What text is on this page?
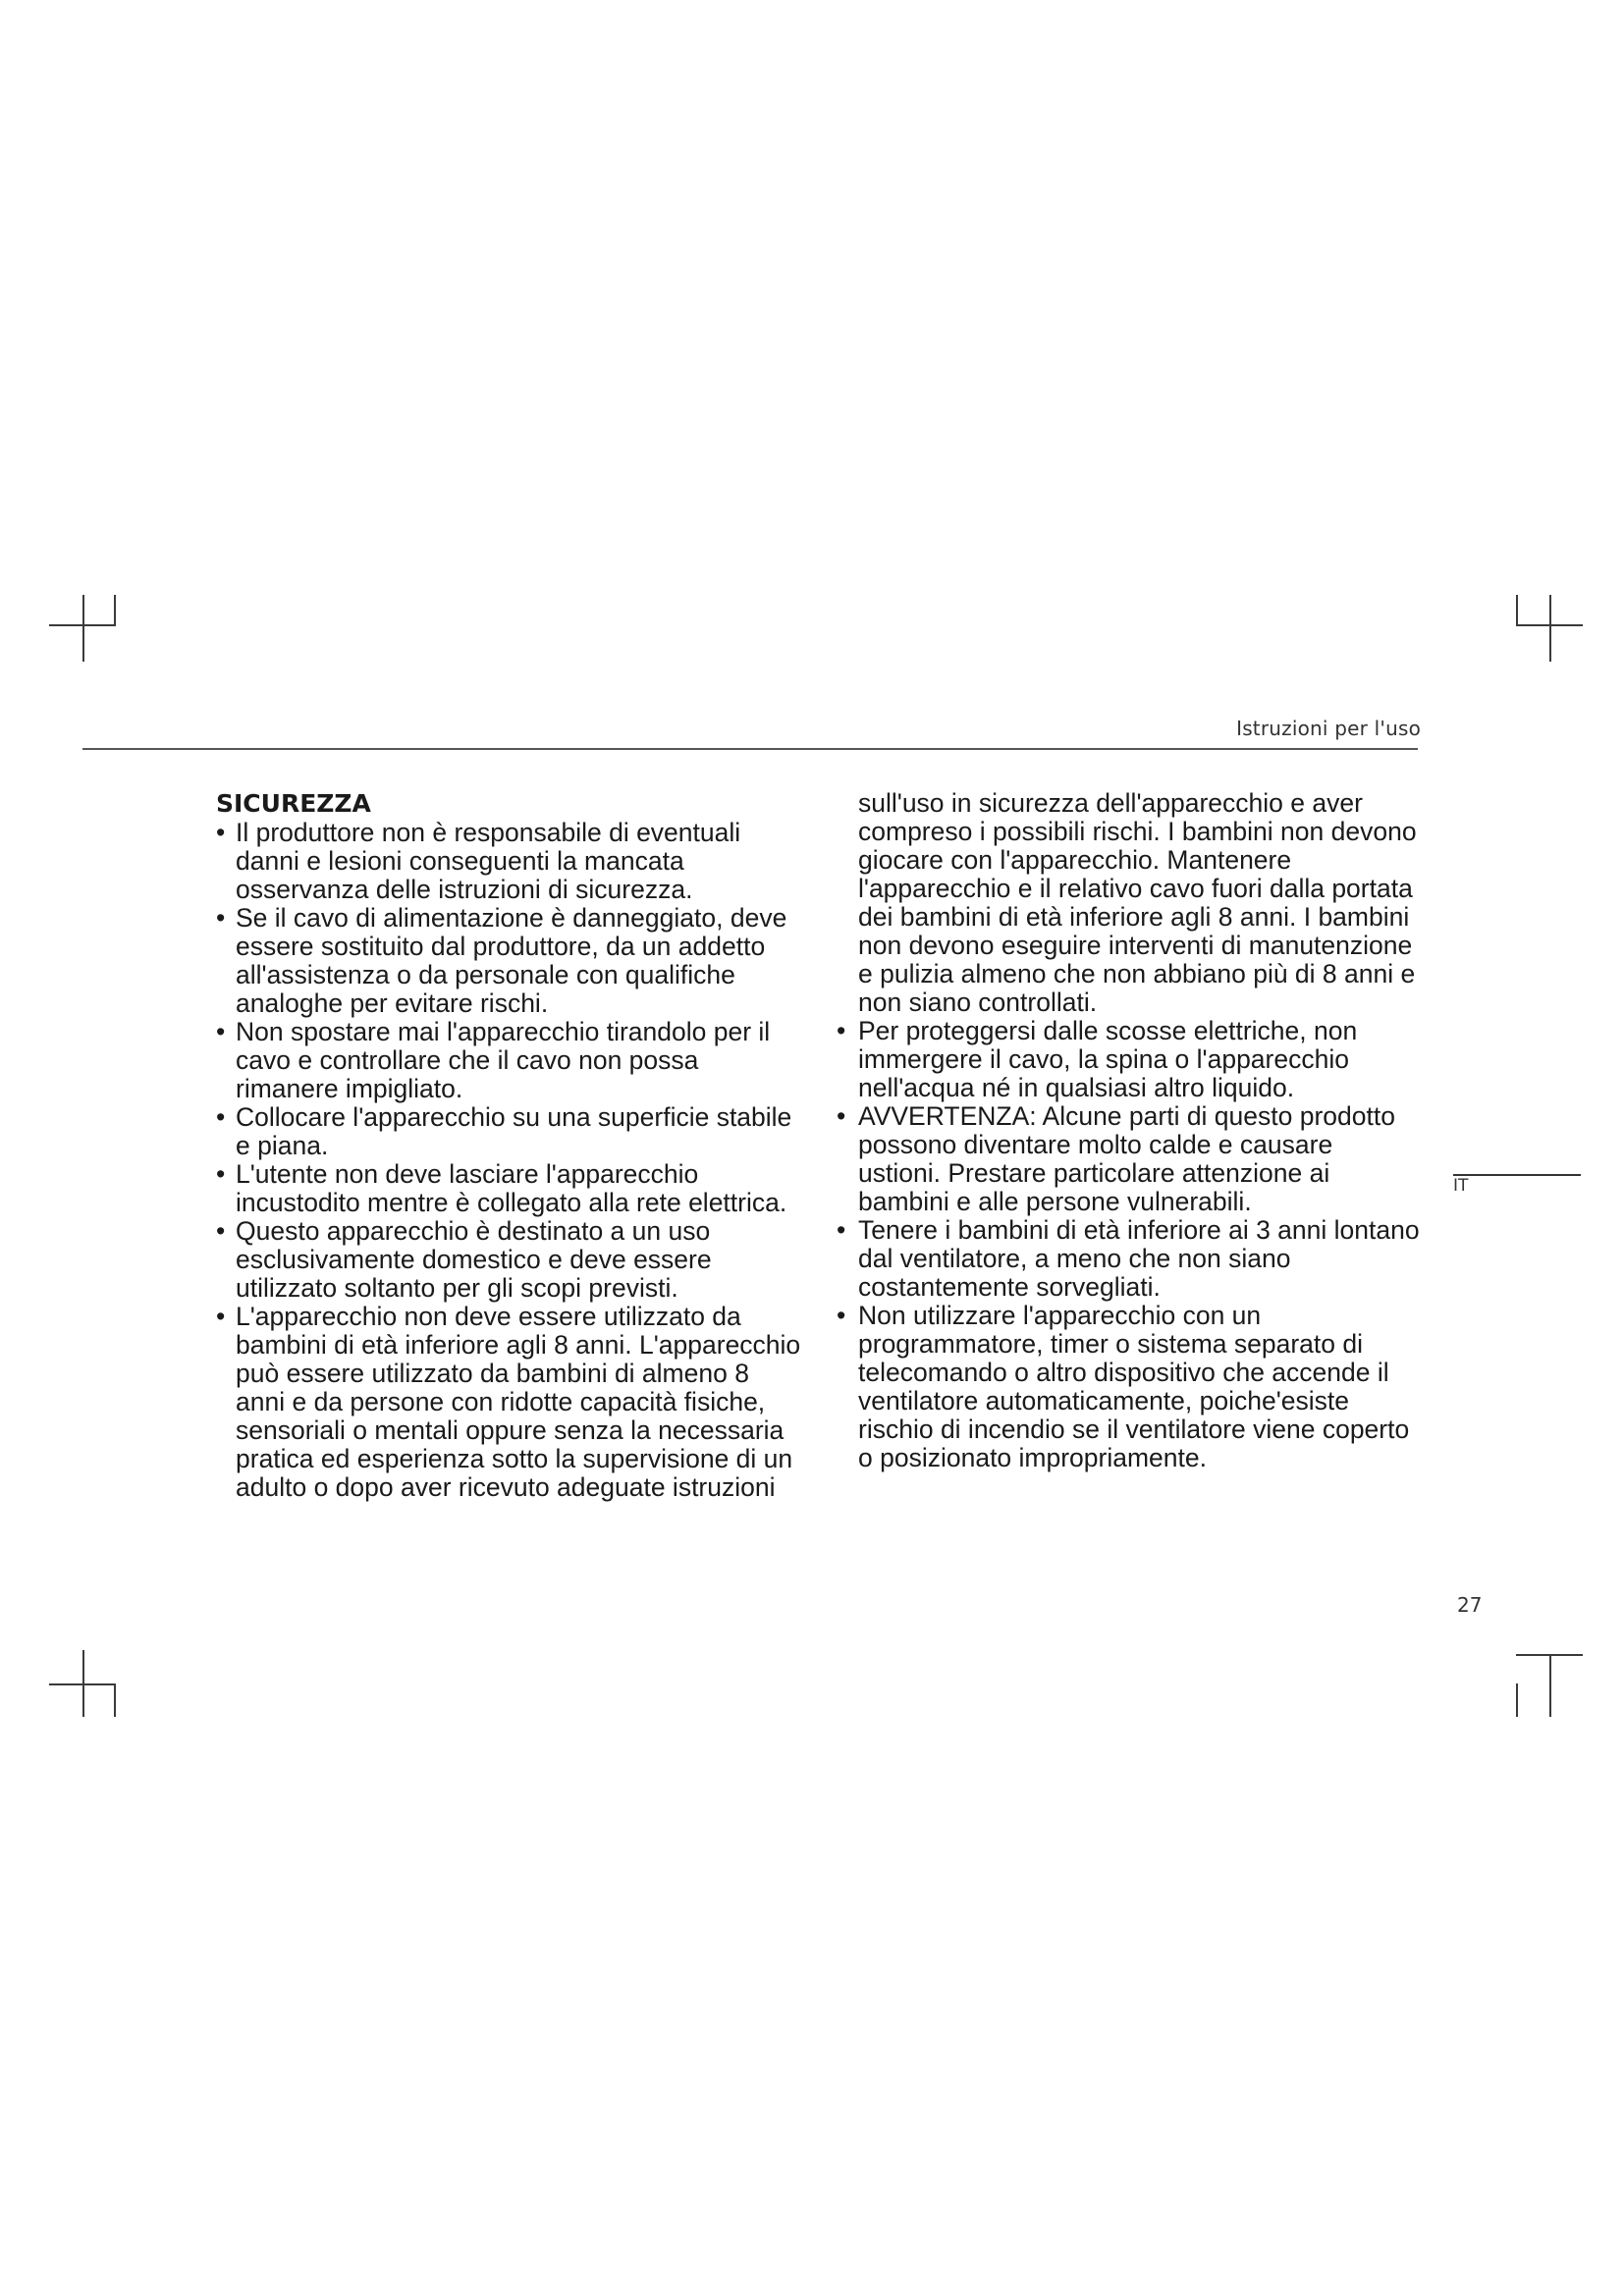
Istruzioni per l'uso
SICUREZZA
• Il produttore non è responsabile di eventuali danni e lesioni conseguenti la mancata osservanza delle istruzioni di sicurezza.
• Se il cavo di alimentazione è danneggiato, deve essere sostituito dal produttore, da un addetto all'assistenza o da personale con qualifiche analoghe per evitare rischi.
• Non spostare mai l'apparecchio tirandolo per il cavo e controllare che il cavo non possa rimanere impigliato.
• Collocare l'apparecchio su una superficie stabile e piana.
• L'utente non deve lasciare l'apparecchio incustodito mentre è collegato alla rete elettrica.
• Questo apparecchio è destinato a un uso esclusivamente domestico e deve essere utilizzato soltanto per gli scopi previsti.
• L'apparecchio non deve essere utilizzato da bambini di età inferiore agli 8 anni. L'apparecchio può essere utilizzato da bambini di almeno 8 anni e da persone con ridotte capacità fisiche, sensoriali o mentali oppure senza la necessaria pratica ed esperienza sotto la supervisione di un adulto o dopo aver ricevuto adeguate istruzioni

sull'uso in sicurezza dell'apparecchio e aver compreso i possibili rischi. I bambini non devono giocare con l'apparecchio. Mantenere l'apparecchio e il relativo cavo fuori dalla portata dei bambini di età inferiore agli 8 anni. I bambini non devono eseguire interventi di manutenzione e pulizia almeno che non abbiano più di 8 anni e non siano controllati.

• Per proteggersi dalle scosse elettriche, non immergere il cavo, la spina o l'apparecchio nell'acqua né in qualsiasi altro liquido.
• AVVERTENZA: Alcune parti di questo prodotto possono diventare molto calde e causare ustioni. Prestare particolare attenzione ai bambini e alle persone vulnerabili.
• Tenere i bambini di età inferiore ai 3 anni lontano dal ventilatore, a meno che non siano costantemente sorvegliati.
• Non utilizzare l'apparecchio con un programmatore, timer o sistema separato di telecomando o altro dispositivo che accende il ventilatore automaticamente, poiche'esiste rischio di incendio se il ventilatore viene coperto o posizionato impropriamente.
IT
27
